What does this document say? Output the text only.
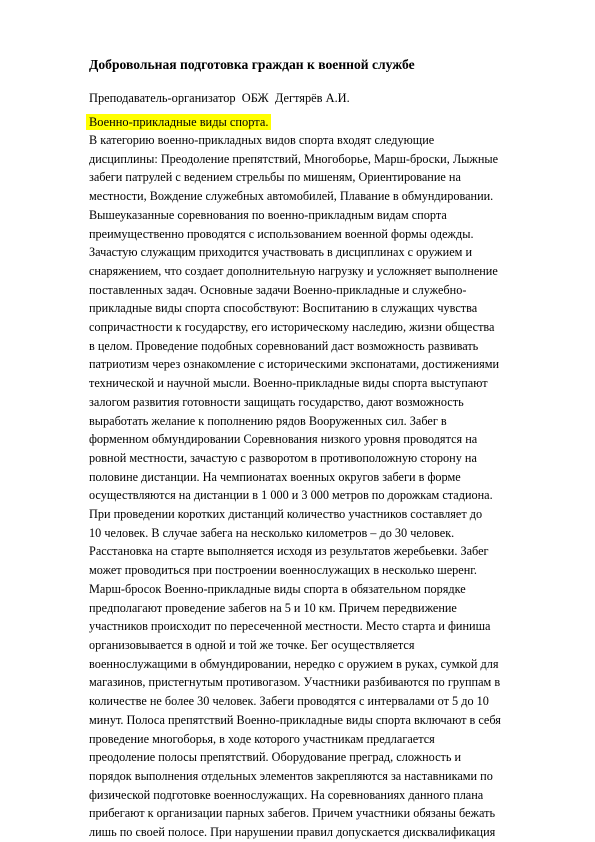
Добровольная подготовка граждан к военной службе

Преподаватель-организатор  ОБЖ  Дегтярёв А.И.

Военно-прикладные виды спорта.

В категорию военно-прикладных видов спорта входят следующие
дисциплины: Преодоление препятствий, Многоборье, Марш-броски, Лыжные
забеги патрулей с ведением стрельбы по мишеням, Ориентирование на
местности, Вождение служебных автомобилей, Плавание в обмундировании.
Вышеуказанные соревнования по военно-прикладным видам спорта
преимущественно проводятся с использованием военной формы одежды.
Зачастую служащим приходится участвовать в дисциплинах с оружием и
снаряжением, что создает дополнительную нагрузку и усложняет выполнение
поставленных задач. Основные задачи Военно-прикладные и служебно-
прикладные виды спорта способствуют: Воспитанию в служащих чувства
сопричастности к государству, его историческому наследию, жизни общества
в целом. Проведение подобных соревнований даст возможность развивать
патриотизм через ознакомление с историческими экспонатами, достижениями
технической и научной мысли. Военно-прикладные виды спорта выступают
залогом развития готовности защищать государство, дают возможность
выработать желание к пополнению рядов Вооруженных сил. Забег в
форменном обмундировании Соревнования низкого уровня проводятся на
ровной местности, зачастую с разворотом в противоположную сторону на
половине дистанции. На чемпионатах военных округов забеги в форме
осуществляются на дистанции в 1 000 и 3 000 метров по дорожкам стадиона.
При проведении коротких дистанций количество участников составляет до
10 человек. В случае забега на несколько километров – до 30 человек.
Расстановка на старте выполняется исходя из результатов жеребьевки. Забег
может проводиться при построении военнослужащих в несколько шеренг.
Марш-бросок Военно-прикладные виды спорта в обязательном порядке
предполагают проведение забегов на 5 и 10 км. Причем передвижение
участников происходит по пересеченной местности. Место старта и финиша
организовывается в одной и той же точке. Бег осуществляется
военнослужащими в обмундировании, нередко с оружием в руках, сумкой для
магазинов, пристегнутым противогазом. Участники разбиваются по группам в
количестве не более 30 человек. Забеги проводятся с интервалами от 5 до 10
минут. Полоса препятствий Военно-прикладные виды спорта включают в себя
проведение многоборья, в ходе которого участникам предлагается
преодоление полосы препятствий. Оборудование преград, сложность и
порядок выполнения отдельных элементов закрепляются за наставниками по
физической подготовке военнослужащих. На соревнованиях данного плана
прибегают к организации парных забегов. Причем участники обязаны бежать
лишь по своей полосе. При нарушении правил допускается дисквалификация
